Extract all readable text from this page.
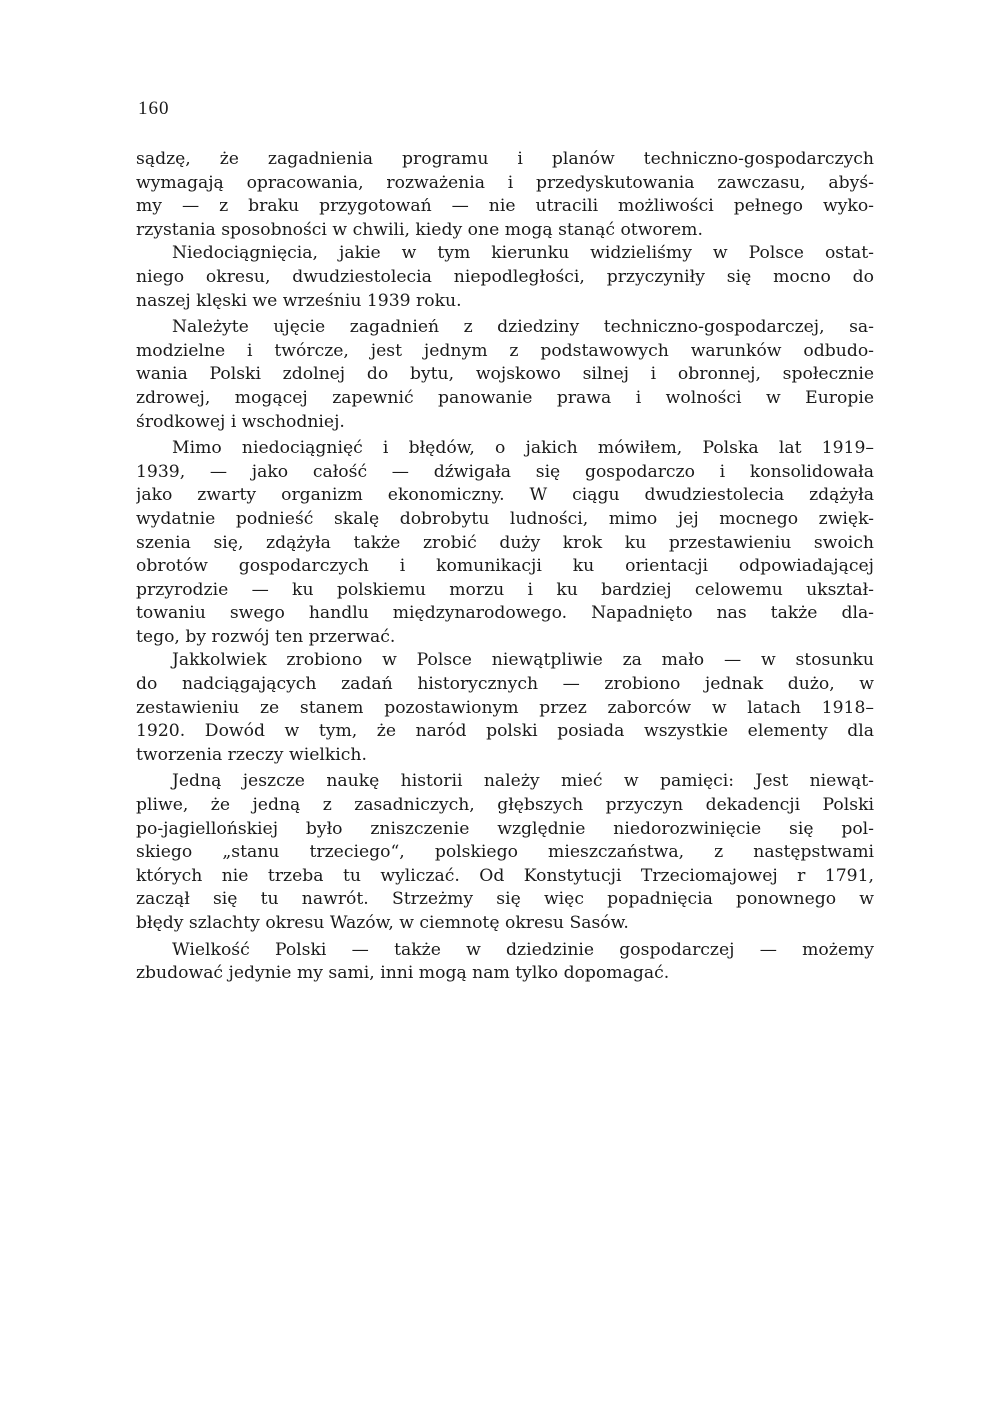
160
sądzę, że zagadnienia programu i planów techniczno-gospodarczych
wymagają opracowania, rozważenia i przedyskutowania zawczasu, abyś-
my — z braku przygotowań — nie utracili możliwości pełnego wyko-
rzystania sposobności w chwili, kiedy one mogą stanąć otworem.
Niedociągnięcia, jakie w tym kierunku widzieliśmy w Polsce ostat-
niego okresu, dwudziestolecia niepodległości, przyczyniły się mocno do
naszej klęski we wrześniu 1939 roku.
Należyte ujęcie zagadnień z dziedziny techniczno-gospodarczej, sa-
modzielne i twórcze, jest jednym z podstawowych warunków odbudo-
wania Polski zdolnej do bytu, wojskowo silnej i obronnej, społecznie
zdrowej, mogącej zapewnić panowanie prawa i wolności w Europie
środkowej i wschodniej.
Mimo niedociągnięć i błędów, o jakich mówiłem, Polska lat 1919–
1939, — jako całość — dźwigała się gospodarczo i konsolidowała
jako zwarty organizm ekonomiczny. W ciągu dwudziestolecia zdążyła
wydatnie podnieść skalę dobrobytu ludności, mimo jej mocnego zwięk-
szenia się, zdążyła także zrobić duży krok ku przestawieniu swoich
obrotów gospodarczych i komunikacji ku orientacji odpowiadającej
przyrodzie — ku polskiemu morzu i ku bardziej celowemu ukształ-
towaniu swego handlu międzynarodowego. Napadnięto nas także dla-
tego, by rozwój ten przerwać.
Jakkolwiek zrobiono w Polsce niewątpliwie za mało — w stosunku
do nadciągających zadań historycznych — zrobiono jednak dużo, w
zestawieniu ze stanem pozostawionym przez zaborców w latach 1918–
1920. Dowód w tym, że naród polski posiada wszystkie elementy dla
tworzenia rzeczy wielkich.
Jedną jeszcze naukę historii należy mieć w pamięci: Jest niewąt-
pliwe, że jedną z zasadniczych, głębszych przyczyn dekadencji Polski
po-jagiellońskiej było zniszczenie względnie niedorozwinięcie się pol-
skiego „stanu trzeciego“, polskiego mieszczaństwa, z następstwami
których nie trzeba tu wyliczać. Od Konstytucji Trzeciomajowej r 1791,
zaczął się tu nawrót. Strzeżmy się więc popadnięcia ponownego w
błędy szlachty okresu Wazów, w ciemnotę okresu Sasów.
Wielkość Polski — także w dziedzinie gospodarczej — możemy
zbudować jedynie my sami, inni mogą nam tylko dopomagać.
